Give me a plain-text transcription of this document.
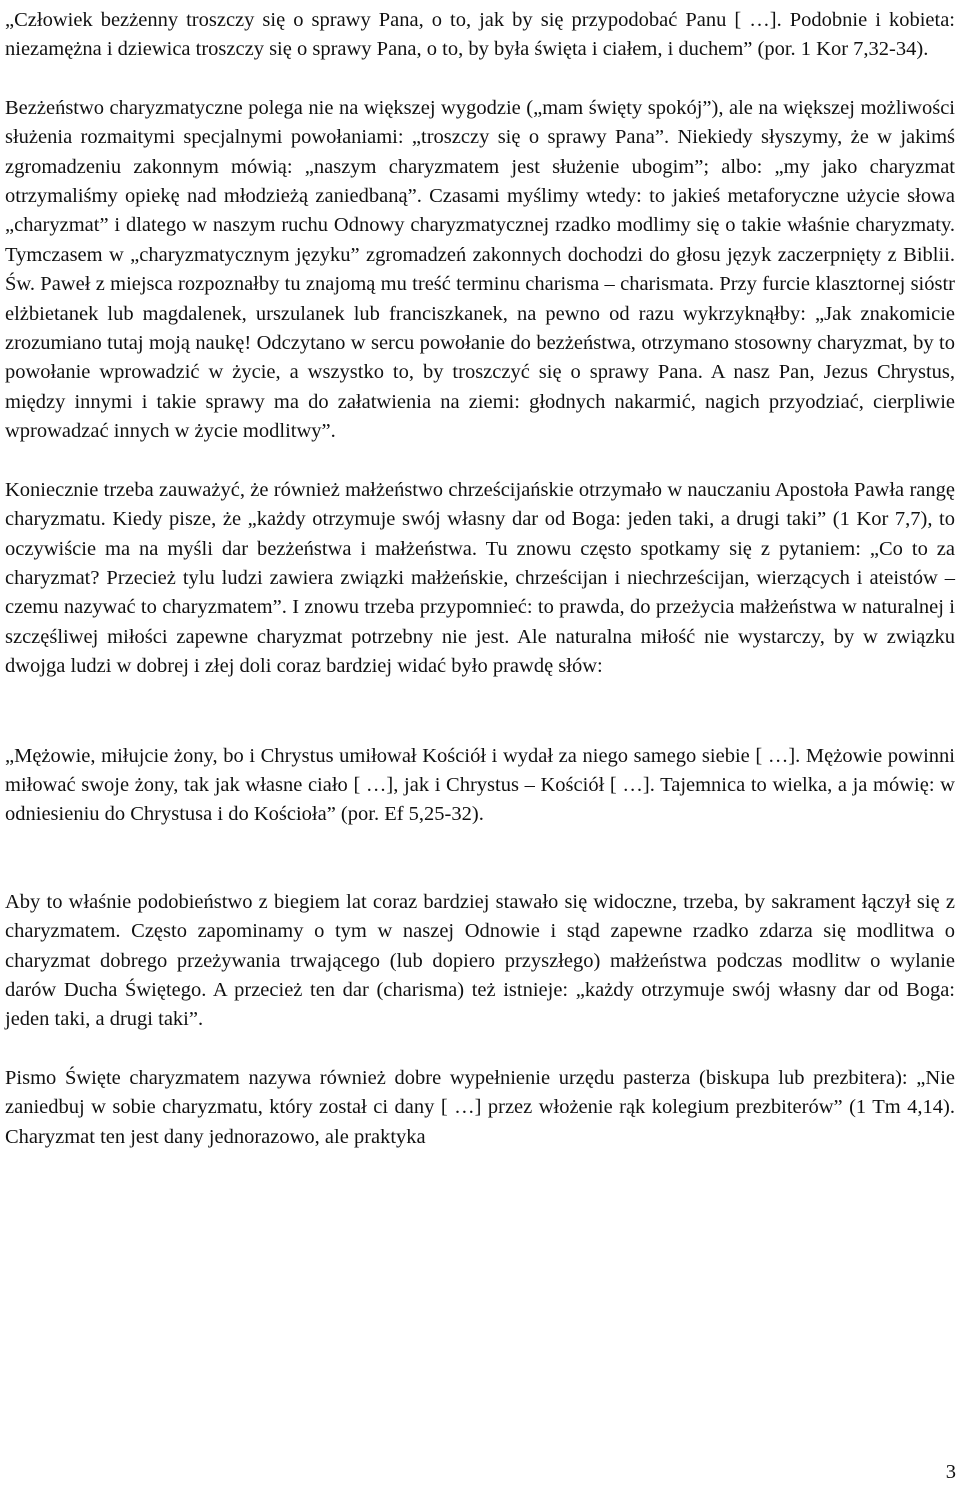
„Człowiek bezżenny troszczy się o sprawy Pana, o to, jak by się przypodobać Panu [ …]. Podobnie i kobieta: niezamężna i dziewica troszczy się o sprawy Pana, o to, by była święta i ciałem, i duchem” (por. 1 Kor 7,32-34).

Bezżeństwo charyzmatyczne polega nie na większej wygodzie („mam święty spokój”), ale na większej możliwości służenia rozmaitymi specjalnymi powołaniami: „troszczy się o sprawy Pana”. Niekiedy słyszymy, że w jakimś zgromadzeniu zakonnym mówią: „naszym charyzmatem jest służenie ubogim”; albo: „my jako charyzmat otrzymaliśmy opiekę nad młodzieżą zaniedbaną”. Czasami myślimy wtedy: to jakieś metaforyczne użycie słowa „charyzmat” i dlatego w naszym ruchu Odnowy charyzmatycznej rzadko modlimy się o takie właśnie charyzmaty. Tymczasem w „charyzmatycznym języku” zgromadzeń zakonnych dochodzi do głosu język zaczerpnięty z Biblii. Św. Paweł z miejsca rozpoznałby tu znajomą mu treść terminu charisma – charismata. Przy furcie klasztornej sióstr elżbietanek lub magdalenek, urszulanek lub franciszkanek, na pewno od razu wykrzyknąłby: „Jak znakomicie zrozumiano tutaj moją naukę! Odczytano w sercu powołanie do bezżeństwa, otrzymano stosowny charyzmat, by to powołanie wprowadzić w życie, a wszystko to, by troszczyć się o sprawy Pana. A nasz Pan, Jezus Chrystus, między innymi i takie sprawy ma do załatwienia na ziemi: głodnych nakarmić, nagich przyodziać, cierpliwie wprowadzać innych w życie modlitwy”.

Koniecznie trzeba zauważyć, że również małżeństwo chrześcijańskie otrzymało w nauczaniu Apostoła Pawła rangę charyzmatu. Kiedy pisze, że „każdy otrzymuje swój własny dar od Boga: jeden taki, a drugi taki” (1 Kor 7,7), to oczywiście ma na myśli dar bezżeństwa i małżeństwa. Tu znowu często spotkamy się z pytaniem: „Co to za charyzmat? Przecież tylu ludzi zawiera związki małżeńskie, chrześcijan i niechrześcijan, wierzących i ateistów – czemu nazywać to charyzmatem”. I znowu trzeba przypomnieć: to prawda, do przeżycia małżeństwa w naturalnej i szczęśliwej miłości zapewne charyzmat potrzebny nie jest. Ale naturalna miłość nie wystarczy, by w związku dwojga ludzi w dobrej i złej doli coraz bardziej widać było prawdę słów:

„Mężowie, miłujcie żony, bo i Chrystus umiłował Kościół i wydał za niego samego siebie [ …]. Mężowie powinni miłować swoje żony, tak jak własne ciało [ …], jak i Chrystus – Kościół [ …]. Tajemnica to wielka, a ja mówię: w odniesieniu do Chrystusa i do Kościoła” (por. Ef 5,25-32).

Aby to właśnie podobieństwo z biegiem lat coraz bardziej stawało się widoczne, trzeba, by sakrament łączył się z charyzmatem. Często zapominamy o tym w naszej Odnowie i stąd zapewne rzadko zdarza się modlitwa o charyzmat dobrego przeżywania trwającego (lub dopiero przyszłego) małżeństwa podczas modlitw o wylanie darów Ducha Świętego. A przecież ten dar (charisma) też istnieje: „każdy otrzymuje swój własny dar od Boga: jeden taki, a drugi taki”.

Pismo Święte charyzmatem nazywa również dobre wypełnienie urzędu pasterza (biskupa lub prezbitera): „Nie zaniedbuj w sobie charyzmatu, który został ci dany [ …] przez włożenie rąk kolegium prezbiterów” (1 Tm 4,14). Charyzmat ten jest dany jednorazowo, ale praktyka

3
